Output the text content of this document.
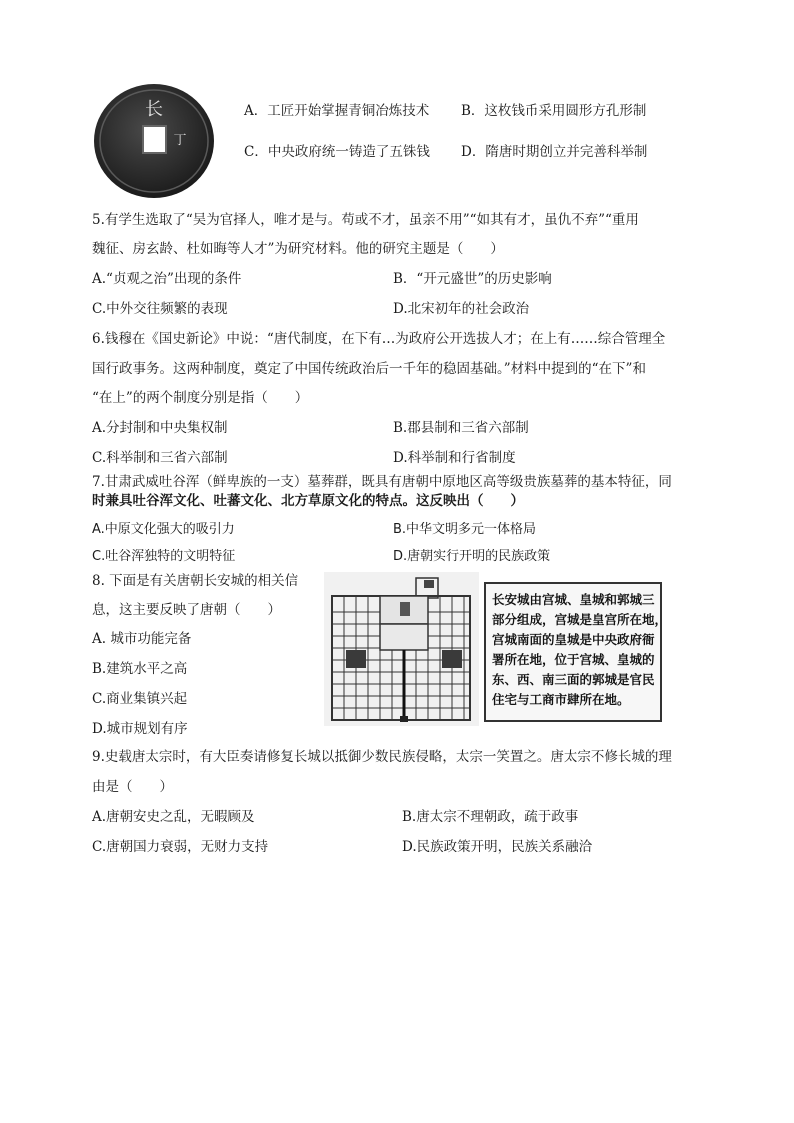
长
丁
A．工匠开始掌握青铜冶炼技术 B．这枚钱币采用圆形方孔形制
C．中央政府统一铸造了五铢钱 D．隋唐时期创立并完善科举制
5.有学生选取了“吴为官择人，唯才是与。苟或不才，虽亲不用”“如其有才，虽仇不弃”“重用
魏征、房玄龄、杜如晦等人才”为研究材料。他的研究主题是（　　）
A.“贞观之治”出现的条件	B．“开元盛世”的历史影响
C.中外交往频繁的表现	D.北宋初年的社会政治
6.钱穆在《国史新论》中说：“唐代制度，在下有…为政府公开选拔人才；在上有……综合管理全
国行政事务。这两种制度，奠定了中国传统政治后一千年的稳固基础。”材料中提到的“在下”和
“在上”的两个制度分别是指（　　）
A.分封制和中央集权制	B.郡县制和三省六部制
C.科举制和三省六部制	D.科举制和行省制度
7.甘肃武威吐谷浑（鲜卑族的一支）墓葬群，既具有唐朝中原地区高等级贵族墓葬的基本特征，同
时兼具吐谷浑文化、吐蕃文化、北方草原文化的特点。这反映出（　　）
A.中原文化强大的吸引力	B.中华文明多元一体格局
C.吐谷浑独特的文明特征	D.唐朝实行开明的民族政策
8. 下面是有关唐朝长安城的相关信
息，这主要反映了唐朝（　　）
A. 城市功能完备
B.建筑水平之高
C.商业集镇兴起
D.城市规划有序
长安城由宫城、皇城和郭城三
部分组成，宫城是皇宫所在地，
宫城南面的皇城是中央政府衙
署所在地，位于宫城、皇城的
东、西、南三面的郭城是官民
住宅与工商市肆所在地。
9.史载唐太宗时，有大臣奏请修复长城以抵御少数民族侵略，太宗一笑置之。唐太宗不修长城的理
由是（　　）
A.唐朝安史之乱，无暇顾及	B.唐太宗不理朝政，疏于政事
C.唐朝国力衰弱，无财力支持	D.民族政策开明，民族关系融洽
